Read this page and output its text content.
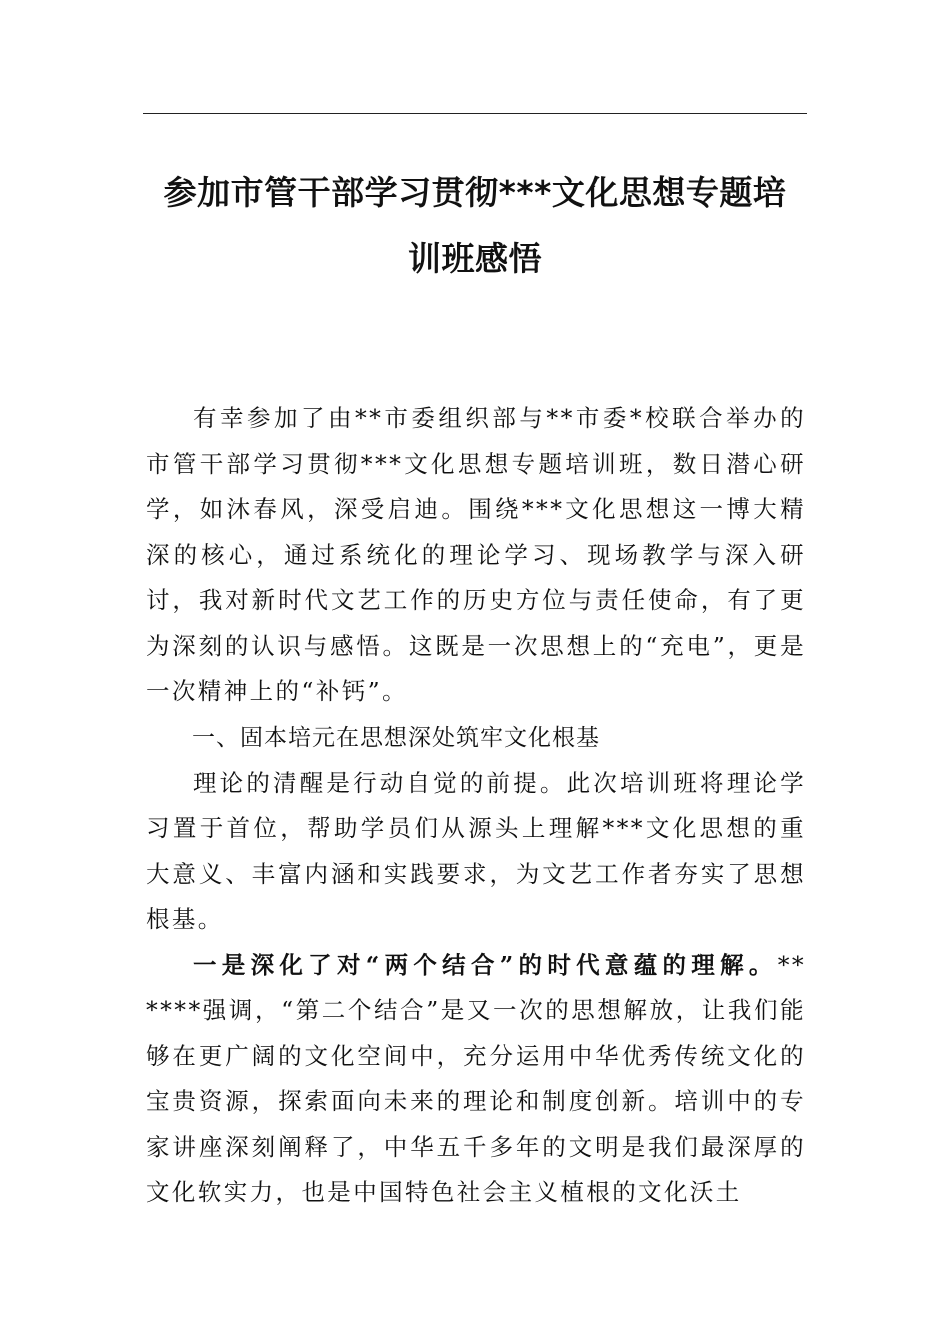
参加市管干部学习贯彻***文化思想专题培
训班感悟

有幸参加了由**市委组织部与**市委*校联合举办的市管干部学习贯彻***文化思想专题培训班，数日潜心研学，如沐春风，深受启迪。围绕***文化思想这一博大精深的核心，通过系统化的理论学习、现场教学与深入研讨，我对新时代文艺工作的历史方位与责任使命，有了更为深刻的认识与感悟。这既是一次思想上的“充电”，更是一次精神上的“补钙”。

一、固本培元在思想深处筑牢文化根基

理论的清醒是行动自觉的前提。此次培训班将理论学习置于首位，帮助学员们从源头上理解***文化思想的重大意义、丰富内涵和实践要求，为文艺工作者夯实了思想根基。

一是深化了对“两个结合”的时代意蕴的理解。******强调，“第二个结合”是又一次的思想解放，让我们能够在更广阔的文化空间中，充分运用中华优秀传统文化的宝贵资源，探索面向未来的理论和制度创新。培训中的专家讲座深刻阐释了，中华五千多年的文明是我们最深厚的文化软实力，也是中国特色社会主义植根的文化沃土
